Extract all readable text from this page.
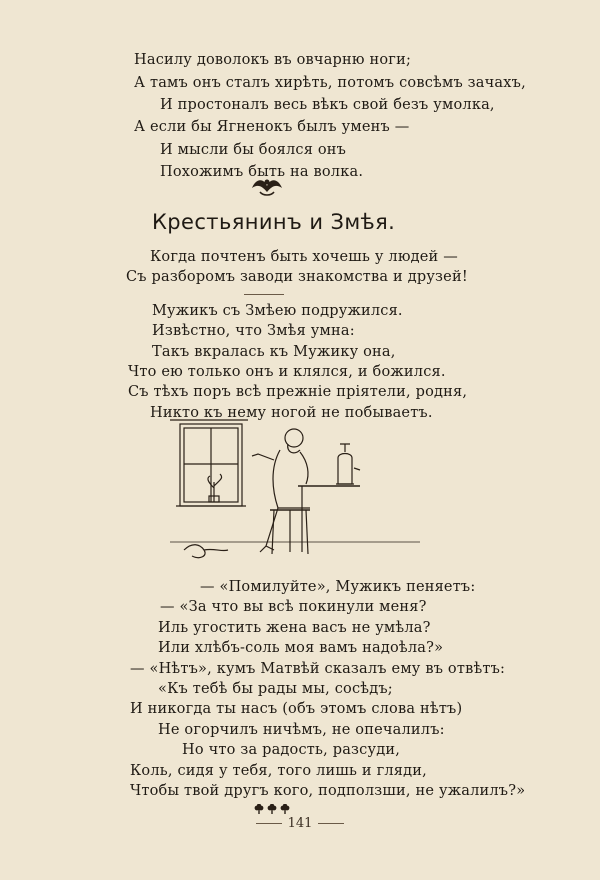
Насилу доволокъ въ овчарню ноги;
А тамъ онъ сталъ хирѣть, потомъ совсѣмъ зачахъ,
И простоналъ весь вѣкъ свой безъ умолка,
А если бы Ягненокъ былъ уменъ —
И мысли бы боялся онъ
Похожимъ быть на волка.
Крестьянинъ и Змѣя.
Когда почтенъ быть хочешь у людей —
Съ разборомъ заводи знакомства и друзей!
Мужикъ съ Змѣею подружился.
Извѣстно, что Змѣя умна:
Такъ вкралась къ Мужику она,
Что ею только онъ и клялся, и божился.
Съ тѣхъ поръ всѣ прежніе пріятели, родня,
Никто къ нему ногой не побываетъ.
— «Помилуйте», Мужикъ пеняетъ:
— «За что вы всѣ покинули меня?
Иль угостить жена васъ не умѣла?
Или хлѣбъ-соль моя вамъ надоѣла?»
— «Нѣтъ», кумъ Матвѣй сказалъ ему въ отвѣтъ:
«Къ тебѣ бы рады мы, сосѣдъ;
И никогда ты насъ (объ этомъ слова нѣтъ)
Не огорчилъ ничѣмъ, не опечалилъ:
Но что за радость, разсуди,
Коль, сидя у тебя, того лишь и гляди,
Чтобы твой другъ кого, подползши, не ужалилъ?»
141
